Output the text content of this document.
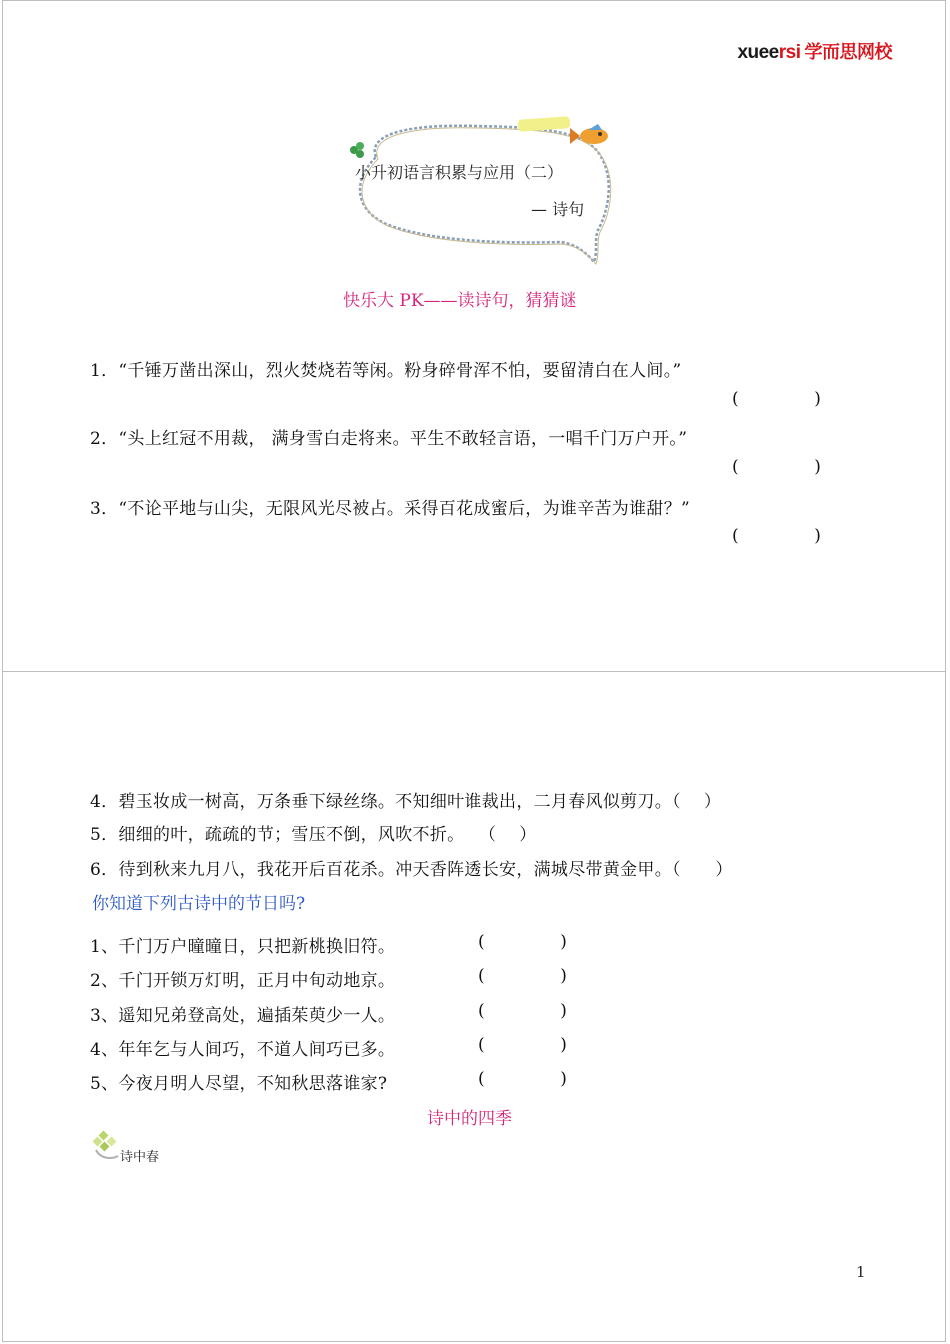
xueersi 学而思网校
小升初语言积累与应用（二）
— 诗句
快乐大 PK——读诗句，猜猜谜
1．“千锤万凿出深山，烈火焚烧若等闲。粉身碎骨浑不怕，要留清白在人间。”
(              )
2．“头上红冠不用裁， 满身雪白走将来。平生不敢轻言语，一唱千门万户开。”
(              )
3．“不论平地与山尖，无限风光尽被占。采得百花成蜜后，为谁辛苦为谁甜？”
(              )
4．碧玉妆成一树高，万条垂下绿丝绦。不知细叶谁裁出，二月春风似剪刀。（　 ）
5．细细的叶，疏疏的节；雪压不倒，风吹不折。　 （　 ）
6．待到秋来九月八，我花开后百花杀。冲天香阵透长安，满城尽带黄金甲。（　　）
你知道下列古诗中的节日吗?
1、千门万户曈曈日，只把新桃换旧符。	(              )
2、千门开锁万灯明，正月中旬动地京。	(              )
3、遥知兄弟登高处，遍插茱萸少一人。	(              )
4、年年乞与人间巧，不道人间巧已多。	(              )
5、今夜月明人尽望，不知秋思落谁家?	(              )
诗中的四季
诗中春
1
